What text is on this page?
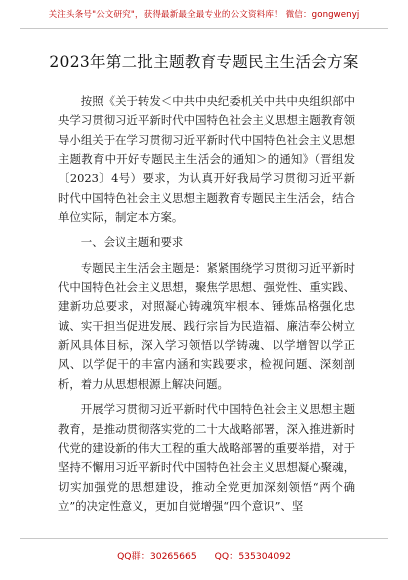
关注头条号"公文研究"，获得最新最全最专业的公文资料库！ 微信：gongwenyj
2023年第二批主题教育专题民主生活会方案

按照《关于转发＜中共中央纪委机关中共中央组织部中央学习贯彻习近平新时代中国特色社会主义思想主题教育领导小组关于在学习贯彻习近平新时代中国特色社会主义思想主题教育中开好专题民主生活会的通知＞的通知》（晋组发〔2023〕4号）要求，为认真开好我局学习贯彻习近平新时代中国特色社会主义思想主题教育专题民主生活会，结合单位实际，制定本方案。

一、会议主题和要求

专题民主生活会主题是：紧紧围绕学习贯彻习近平新时代中国特色社会主义思想，聚焦学思想、强党性、重实践、建新功总要求，对照凝心铸魂筑牢根本、锤炼品格强化忠诚、实干担当促进发展、践行宗旨为民造福、廉洁奉公树立新风具体目标，深入学习领悟以学铸魂、以学增智以学正风、以学促干的丰富内涵和实践要求，检视问题、深刻剖析，着力从思想根源上解决问题。

开展学习贯彻习近平新时代中国特色社会主义思想主题教育，是推动贯彻落实党的二十大战略部署，深入推进新时代党的建设新的伟大工程的重大战略部署的重要举措，对于坚持不懈用习近平新时代中国特色社会主义思想凝心聚魂，切实加强党的思想建设，推动全党更加深刻领悟“两个确立”的决定性意义，更加自觉增强“四个意识”、坚

QQ群：30265665 QQ：535304092
